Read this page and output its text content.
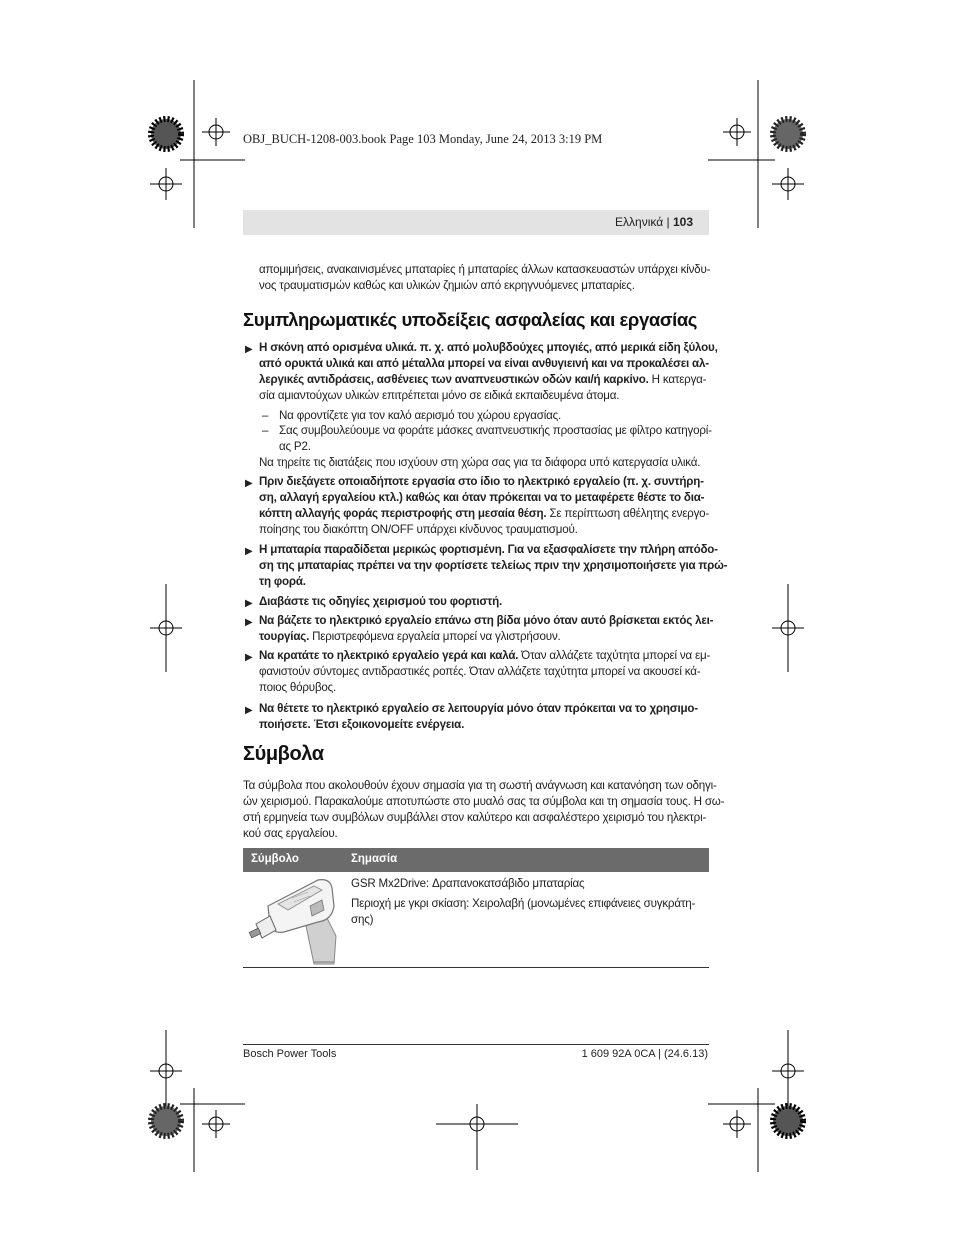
OBJ_BUCH-1208-003.book Page 103 Monday, June 24, 2013 3:19 PM
Ελληνικά | 103
απομιμήσεις, ανακαινισμένες μπαταρίες ή μπαταρίες άλλων κατασκευαστών υπάρχει κίνδυ-
νος τραυματισμών καθώς και υλικών ζημιών από εκρηγνυόμενες μπαταρίες.
Συμπληρωματικές υποδείξεις ασφαλείας και εργασίας
▶ Η σκόνη από ορισμένα υλικά. π. χ. από μολυβδούχες μπογιές, από μερικά είδη ξύλου,
από ορυκτά υλικά και από μέταλλα μπορεί να είναι ανθυγιεινή και να προκαλέσει αλ-
λεργικές αντιδράσεις, ασθένειες των αναπνευστικών οδών και/ή καρκίνο. Η κατεργα-
σία αμιαντούχων υλικών επιτρέπεται μόνο σε ειδικά εκπαιδευμένα άτομα.
– Να φροντίζετε για τον καλό αερισμό του χώρου εργασίας.
– Σας συμβουλεύουμε να φοράτε μάσκες αναπνευστικής προστασίας με φίλτρο κατηγορί-
ας P2.
Να τηρείτε τις διατάξεις που ισχύουν στη χώρα σας για τα διάφορα υπό κατεργασία υλικά.
▶ Πριν διεξάγετε οποιαδήποτε εργασία στο ίδιο το ηλεκτρικό εργαλείο (π. χ. συντήρη-
ση, αλλαγή εργαλείου κτλ.) καθώς και όταν πρόκειται να το μεταφέρετε θέστε το δια-
κόπτη αλλαγής φοράς περιστροφής στη μεσαία θέση. Σε περίπτωση αθέλητης ενεργο-
ποίησης του διακόπτη ON/OFF υπάρχει κίνδυνος τραυματισμού.
▶ Η μπαταρία παραδίδεται μερικώς φορτισμένη. Για να εξασφαλίσετε την πλήρη απόδο-
ση της μπαταρίας πρέπει να την φορτίσετε τελείως πριν την χρησιμοποιήσετε για πρώ-
τη φορά.
▶ Διαβάστε τις οδηγίες χειρισμού του φορτιστή.
▶ Να βάζετε το ηλεκτρικό εργαλείο επάνω στη βίδα μόνο όταν αυτό βρίσκεται εκτός λει-
τουργίας. Περιστρεφόμενα εργαλεία μπορεί να γλιστρήσουν.
▶ Να κρατάτε το ηλεκτρικό εργαλείο γερά και καλά. Όταν αλλάζετε ταχύτητα μπορεί να εμ-
φανιστούν σύντομες αντιδραστικές ροπές. Όταν αλλάζετε ταχύτητα μπορεί να ακουσεί κά-
ποιος θόρυβος.
▶ Να θέτετε το ηλεκτρικό εργαλείο σε λειτουργία μόνο όταν πρόκειται να το χρησιμο-
ποιήσετε. Έτσι εξοικονομείτε ενέργεια.
Σύμβολα
Τα σύμβολα που ακολουθούν έχουν σημασία για τη σωστή ανάγνωση και κατανόηση των οδηγι-
ών χειρισμού. Παρακαλούμε αποτυπώστε στο μυαλό σας τα σύμβολα και τη σημασία τους. Η σω-
στή ερμηνεία των συμβόλων συμβάλλει στον καλύτερο και ασφαλέστερο χειρισμό του ηλεκτρι-
κού σας εργαλείου.
Σύμβολο	Σημασία
GSR Mx2Drive: Δραπανοκατσάβιδο μπαταρίας
Περιοχή με γκρι σκίαση: Χειρολαβή (μονωμένες επιφάνειες συγκράτη-
σης)
Bosch Power Tools	1 609 92A 0CA | (24.6.13)
